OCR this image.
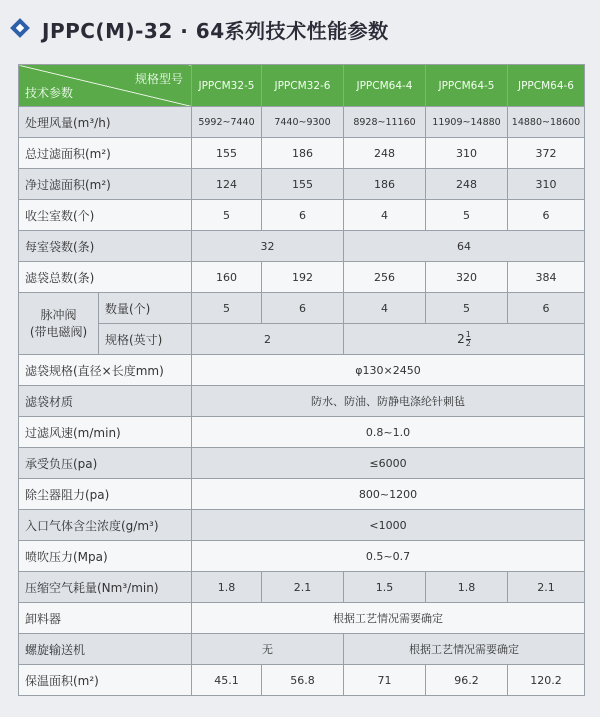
JPPC(M)-32 · 64系列技术性能参数
规格型号
技术参数		JPPCM32-5	JPPCM32-6	JPPCM64-4	JPPCM64-5	JPPCM64-6
处理风量(m³/h)		5992~7440	7440~9300	8928~11160	11909~14880	14880~18600
总过滤面积(m²)		155	186	248	310	372
净过滤面积(m²)		124	155	186	248	310
收尘室数(个)		5	6	4	5	6
每室袋数(条)		32		64		
滤袋总数(条)		160	192	256	320	384

脉冲阀
(带电磁阀)	数量(个)	5	6	4	5	6
	规格(英寸)	2		$2 \frac{1}{2}$

滤袋规格(直径×长度mm)		φ130×2450				
滤袋材质		防水、防油、防静电涤纶针刺毡				
过滤风速(m/min)		0.8~1.0				
承受负压(pa)		≤6000				
除尘器阻力(pa)		800~1200				
入口气体含尘浓度(g/m³)		<1000				
喷吹压力(Mpa)		0.5~0.7				
压缩空气耗量(Nm³/min)		1.8	2.1	1.5	1.8	2.1
卸料器		根据工艺情况需要确定				
螺旋输送机		无		根据工艺情况需要确定		
保温面积(m²)		45.1	56.8	71	96.2	120.2
